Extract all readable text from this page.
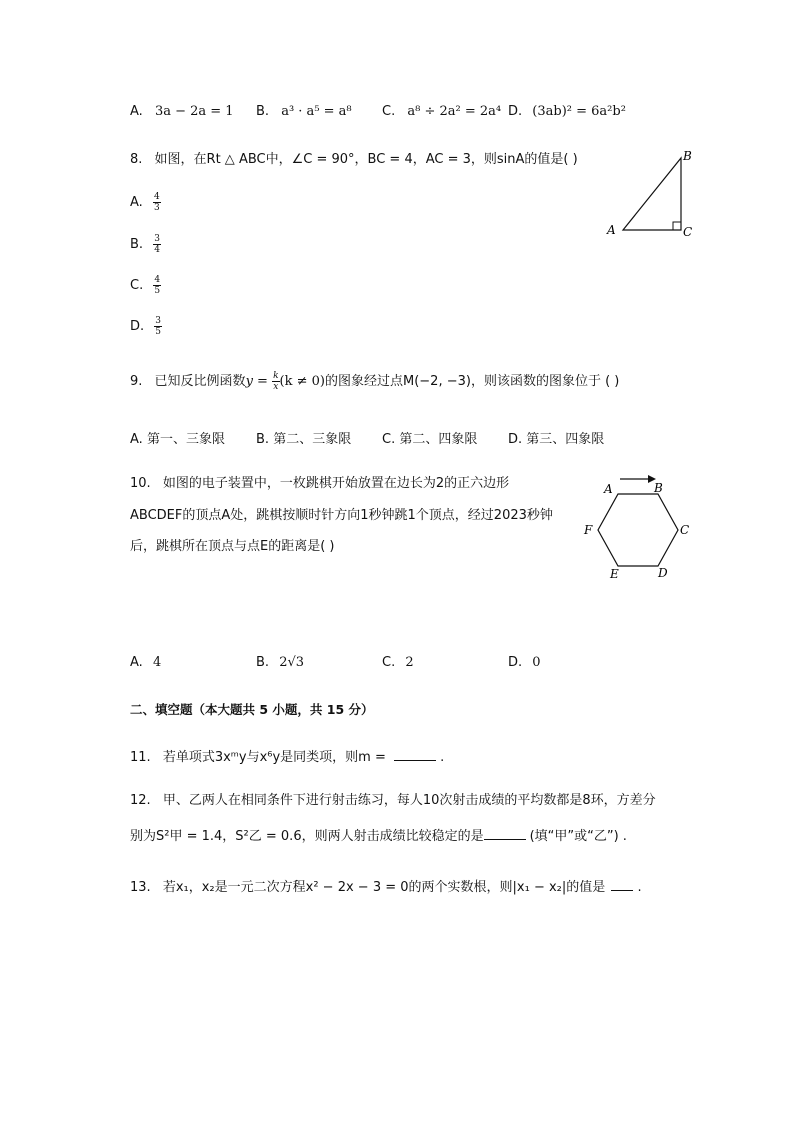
A. 3a − 2a = 1 B. a³ · a⁵ = a⁸ C. a⁸ ÷ 2a² = 2a⁴ D. (3ab)² = 6a²b²
8. 如图，在Rt △ ABC中，∠C = 90°，BC = 4，AC = 3，则sinA的值是( )
A
B
C
A. $\frac{4}{3}$
B. $\frac{3}{4}$
C. $\frac{4}{5}$
D. $\frac{3}{5}$
9. 已知反比例函数$y = \frac{k}{x} (k \ne 0)$的图象经过点M(−2, −3)，则该函数的图象位于 ( )
A. 第一、三象限 B. 第二、三象限 C. 第二、四象限 D. 第三、四象限
10. 如图的电子装置中，一枚跳棋开始放置在边长为2的正六边形
ABCDEF的顶点A处，跳棋按顺时针方向1秒钟跳1个顶点，经过2023秒钟
后，跳棋所在顶点与点E的距离是( )
A	B
C
D
E
F
A. 4	B. 2√3	C. 2	D. 0
二、填空题（本大题共 5 小题，共 15 分）
11. 若单项式3xᵐy与x⁶y是同类项，则m =	.
12. 甲、乙两人在相同条件下进行射击练习，每人10次射击成绩的平均数都是8环，方差分
别为S²甲 = 1.4，S²乙 = 0.6，则两人射击成绩比较稳定的是	(填“甲”或“乙”) .
13. 若x₁，x₂是一元二次方程x² − 2x − 3 = 0的两个实数根，则|x₁ − x₂|的值是  .
